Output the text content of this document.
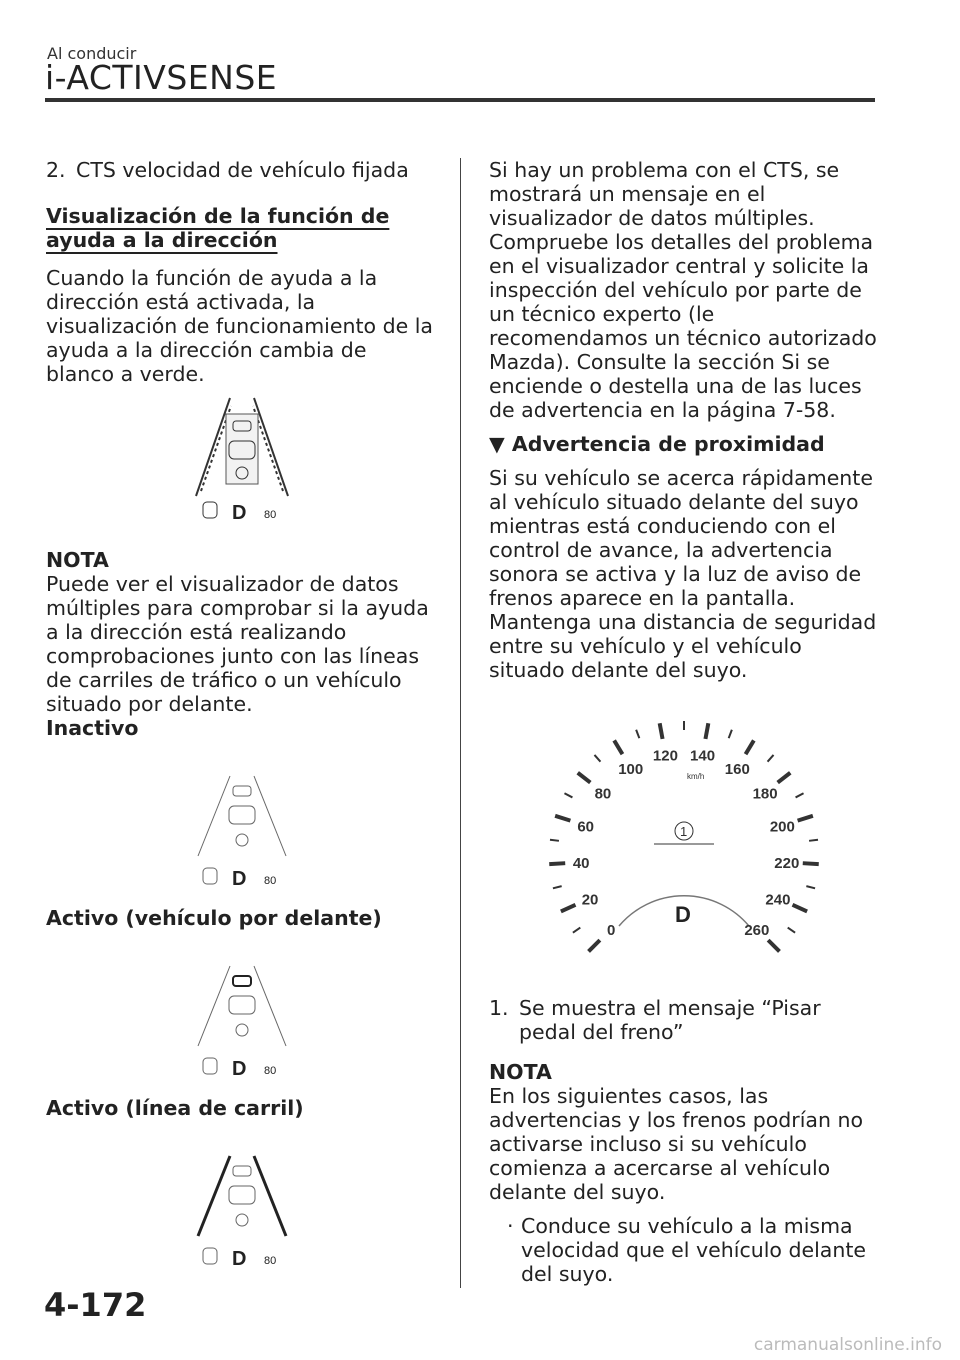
Al conducir
i-ACTIVSENSE
2. CTS velocidad de vehículo fijada

Visualización de la función de ayuda a la dirección

Cuando la función de ayuda a la dirección está activada, la visualización de funcionamiento de la ayuda a la dirección cambia de blanco a verde.

D 80

NOTA

Puede ver el visualizador de datos múltiples para comprobar si la ayuda a la dirección está realizando comprobaciones junto con las líneas de carriles de tráfico o un vehículo situado por delante.

Inactivo

D 80

Activo (vehículo por delante)

D 80

Activo (línea de carril)

D 80

Si hay un problema con el CTS, se mostrará un mensaje en el visualizador de datos múltiples. Compruebe los detalles del problema en el visualizador central y solicite la inspección del vehículo por parte de un técnico experto (le recomendamos un técnico autorizado Mazda). Consulte la sección Si se enciende o destella una de las luces de advertencia en la página 7-58.

▼ Advertencia de proximidad

Si su vehículo se acerca rápidamente al vehículo situado delante del suyo mientras está conduciendo con el control de avance, la advertencia sonora se activa y la luz de aviso de frenos aparece en la pantalla. Mantenga una distancia de seguridad entre su vehículo y el vehículo situado delante del suyo.

0
20
40
60
80
100
120 140
160
180
200
220
240
260
km/h
1
D
1. Se muestra el mensaje “Pisar pedal del freno”

NOTA

En los siguientes casos, las advertencias y los frenos podrían no activarse incluso si su vehículo comienza a acercarse al vehículo delante del suyo.

· Conduce su vehículo a la misma velocidad que el vehículo delante del suyo.
4-172
carmanualsonline.info
